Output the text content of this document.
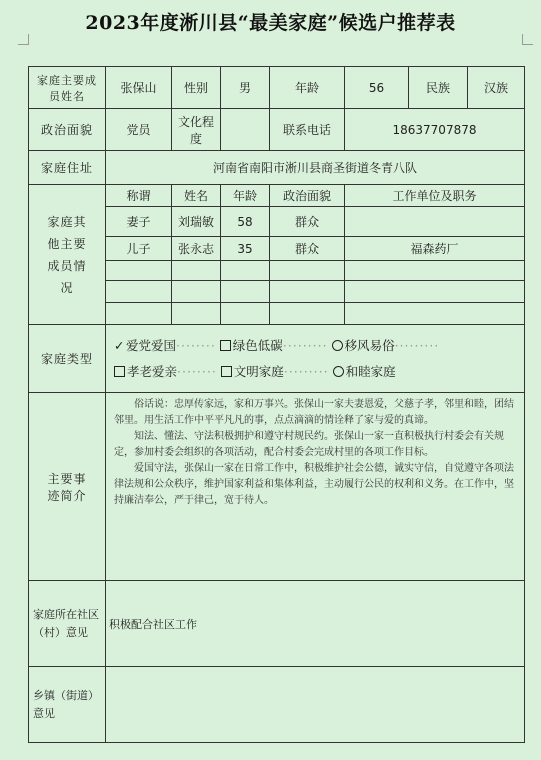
2023年度淅川县“最美家庭”候选户推荐表
家庭主要成员姓名	张保山	性别	男	年龄	56	民族	汉族
政治面貌	党员	文化程度		联系电话	18637707878		
家庭住址	河南省南阳市淅川县商圣街道冬青八队						
家庭其他主要成员情况	称谓	姓名	年龄	政治面貌	工作单位及职务		
	妻子	刘瑞敏	58	群众			
	儿子	张永志	35	群众	福森药厂		

家庭类型	✓ 爱党爱国········ 绿色低碳········· 移风易俗·········
孝老爱亲········ 文明家庭········· 和睦家庭						

主要事迹简介	俗话说：忠厚传家远，家和万事兴。张保山一家夫妻恩爱，父慈子孝，邻里和睦，团结邻里。用生活工作中平平凡凡的事，点点滴滴的情诠释了家与爱的真谛。

知法、懂法、守法积极拥护和遵守村规民约。张保山一家一直积极执行村委会有关规定，参加村委会组织的各项活动，配合村委会完成村里的各项工作目标。

爱国守法，张保山一家在日常工作中，积极维护社会公德，诚实守信，自觉遵守各项法律法规和公众秩序，维护国家利益和集体利益，主动履行公民的权利和义务。在工作中，坚持廉洁奉公，严于律己，宽于待人。						

家庭所在社区（村）意见	积极配合社区工作						
乡镇（街道）意见							
